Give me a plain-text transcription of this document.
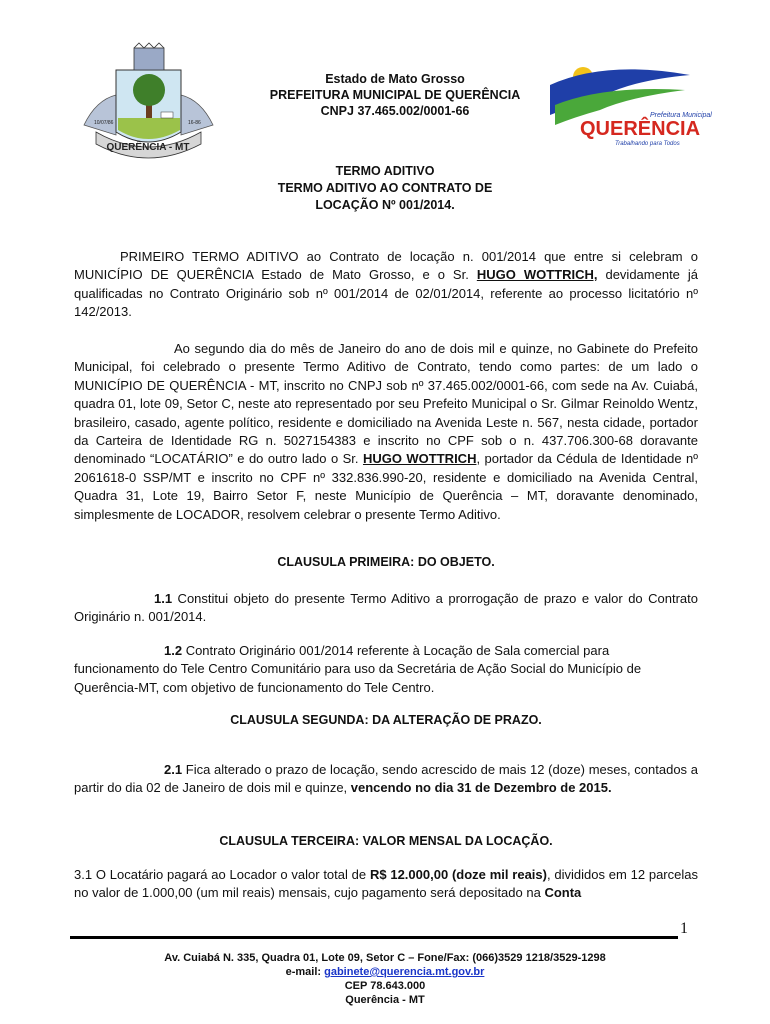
QUERÊNCIA - MT
10/07/86	16-86
Estado de Mato Grosso
PREFEITURA MUNICIPAL DE QUERÊNCIA
CNPJ 37.465.002/0001-66	Prefeitura Municipal
QUERÊNCIA
Trabalhando para Todos
TERMO ADITIVO
TERMO ADITIVO AO CONTRATO DE
LOCAÇÃO Nº 001/2014.
PRIMEIRO TERMO ADITIVO ao Contrato de locação n. 001/2014 que entre si celebram o MUNICÍPIO DE QUERÊNCIA Estado de Mato Grosso, e o Sr. HUGO WOTTRICH, devidamente já qualificadas no Contrato Originário sob nº 001/2014 de 02/01/2014, referente ao processo licitatório nº 142/2013.
Ao segundo dia do mês de Janeiro do ano de dois mil e quinze, no Gabinete do Prefeito Municipal, foi celebrado o presente Termo Aditivo de Contrato, tendo como partes: de um lado o MUNICÍPIO DE QUERÊNCIA - MT, inscrito no CNPJ sob nº 37.465.002/0001-66, com sede na Av. Cuiabá, quadra 01, lote 09, Setor C, neste ato representado por seu Prefeito Municipal o Sr. Gilmar Reinoldo Wentz, brasileiro, casado, agente político, residente e domiciliado na Avenida Leste n. 567, nesta cidade, portador da Carteira de Identidade RG n. 5027154383 e inscrito no CPF sob o n. 437.706.300-68 doravante denominado “LOCATÁRIO” e do outro lado o Sr. HUGO WOTTRICH, portador da Cédula de Identidade nº 2061618-0 SSP/MT e inscrito no CPF nº 332.836.990-20, residente e domiciliado na Avenida Central, Quadra 31, Lote 19, Bairro Setor F, neste Município de Querência – MT, doravante denominado, simplesmente de LOCADOR, resolvem celebrar o presente Termo Aditivo.
CLAUSULA PRIMEIRA: DO OBJETO.
1.1 Constitui objeto do presente Termo Aditivo a prorrogação de prazo e valor do Contrato Originário n. 001/2014.
1.2 Contrato Originário 001/2014 referente à Locação de Sala comercial para funcionamento do Tele Centro Comunitário para uso da Secretária de Ação Social do Município de Querência-MT, com objetivo de funcionamento do Tele Centro.
CLAUSULA SEGUNDA: DA ALTERAÇÃO DE PRAZO.
2.1 Fica alterado o prazo de locação, sendo acrescido de mais 12 (doze) meses, contados a partir do dia 02 de Janeiro de dois mil e quinze, vencendo no dia 31 de Dezembro de 2015.
CLAUSULA TERCEIRA: VALOR MENSAL DA LOCAÇÃO.
3.1 O Locatário pagará ao Locador o valor total de R$ 12.000,00 (doze mil reais), divididos em 12 parcelas no valor de 1.000,00 (um mil reais) mensais, cujo pagamento será depositado na Conta
1
Av. Cuiabá N. 335, Quadra 01, Lote 09, Setor C – Fone/Fax: (066)3529 1218/3529-1298
e-mail: gabinete@querencia.mt.gov.br
CEP 78.643.000
Querência - MT
